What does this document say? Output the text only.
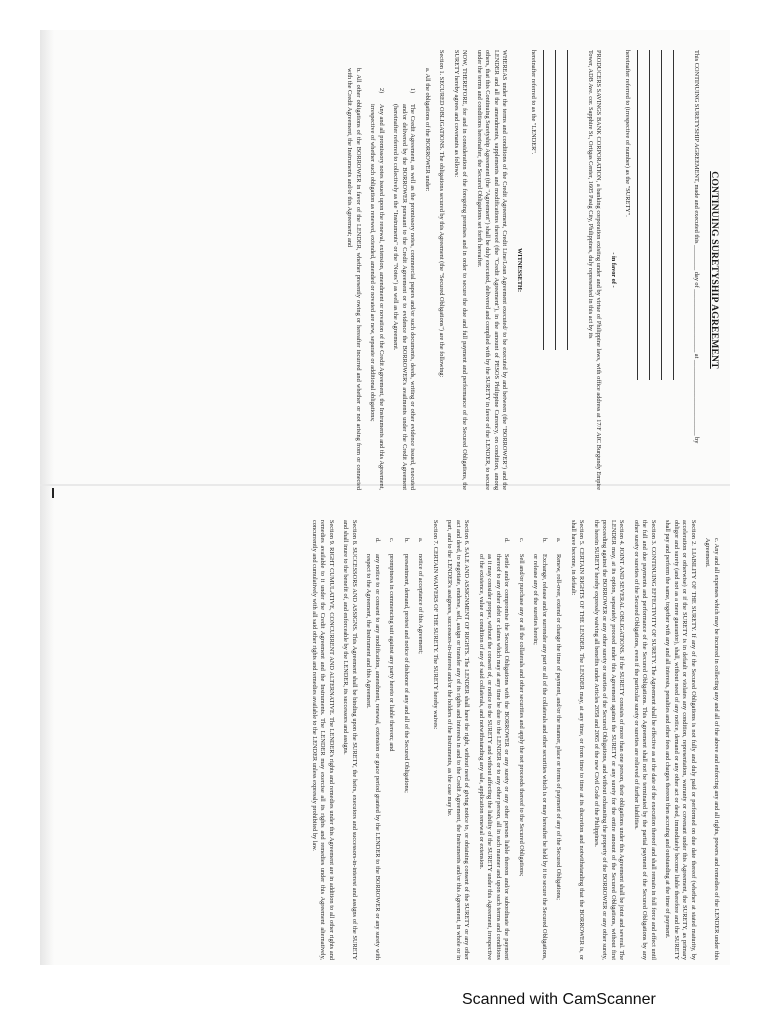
CONTINUING SURETYSHIP AGREEMENT

This CONTINUING SURETYSHIP AGREEMENT, made and executed this ________ day of ____________________ at ________________________ by

hereinafter referred to (irrespective of number) as the "SURETY".

- in favor of -

PRODUCERS SAVINGS BANK CORPORATION, a banking corporation existing under and by virtue of Philippine laws, with office address at 17/F AIC Burgundy Empire Tower, ADB Ave. cor. Sapphire St., Ortigas Center, 1605 Pasig City, Philippines, duly represented in this act by its

hereinafter referred to as the "LENDER".

WITNESSETH:

WHEREAS under the terms and conditions of the Credit Agreement, Credit Line/Loan Agreement executed/ to be executed by and between (the "BORROWER") and the LENDER and all the amendments, supplements and modifications thereof (the "Credit Agreement"), in the amount of PESOS Philippine Currency, on condition, among others, that this Continuing Suretyship Agreement (the "Agreement") shall be duly executed, delivered and complied with by the SURETY in favor of the LENDER, to secure under the terms and conditions hereinafter, the Secured Obligations set forth hereafter.

NOW, THEREFORE, for and in consideration of the foregoing premises and in order to secure the due and full payment and performance of the Secured Obligations, the SURETY hereby agrees and covenants as follows:

Section 1. SECURED OBLIGATIONS. The obligations secured by this Agreement (the "Secured Obligations") are the following:

a. All the obligations of the BORROWER under:

1)
The Credit Agreement, as well as the promissory notes, commercial papers and/or such documents, deeds, writing or other evidence issued, executed and/or delivered by the BORROWER pursuant to the Credit Agreement or to evidence the BORROWER's availments under the Credit Agreement (hereinafter referred to collectively as the "Instruments" or the "Notes") as well as the Agreement.
2)
Any and all promissory notes issued upon the renewal, extension, amendment or novation of the Credit Agreement, the Instruments and this Agreement, irrespective of whether such obligation as renewed, extended, amended or novated are new, separate or additional obligations;

b. All other obligations of the BORROWER in favor of the LENDER, whether presently owing or hereafter incurred and whether or not arising from or connected with the Credit Agreement, the Instruments and/or this Agreement; and

c. Any and all expenses which may be incurred in collecting any and all of the above and enforcing any and all rights, powers and remedies of the LENDER under this Agreement.

Section 2. LIABILITY OF THE SURETY. If any of the Secured Obligations is not fully and duly paid or performed on due date thereof (whether at stated maturity, by acceleration or otherwise) or if the SURETY is in default or violates any condition, representation, warranty or covenant under this Agreement, the SURETY, as primary obligor and surety (and not as a mere guarantor), shall, without need of any notice, demand or any other act or deed, immediately become liable therefore and the SURETY shall pay and perform the same, together with any and all interests, penalties and other fees and charges thereon then accruing and outstanding at the time of payment.

Section 3. CONTINUING EFFECTIVITY OF SURETY. The Agreement shall be effective as at the date of the execution thereof and shall remain in full force and effect until the full and due payments and performance of the Secured Obligations. This Agreement shall not be terminated by the partial payment of the Secured Obligations by any other surety or sureties of the Secured Obligations, even if the particular surety or sureties are relieved of further liabilities.

Section 4. JOINT AND SEVERAL OBLIGATIONS. If the SURETY consists of more than one person, their obligations under this Agreement shall be joint and several. The LENDER may, at its option, separately proceed under this Agreement against the SURETY or any surety for the entire amount of the Secured Obligations, without first proceeding against the BORROWER or any other surety or sureties of the Secured Obligations, and without exhausting the property of the BORROWER or any other surety, the herein SURETY hereby expressly waiving all benefits under Articles 2058 and 2065 of the new Civil Code of the Philippines.

Section 5. CERTAIN RIGHTS OF THE LENDER. The LENDER may, at any time, or from time to time at its discretion and notwithstanding that the BORROWER is, or shall have become, in default:

a.
Renew, roll-over, extend or change the time of payment, and/or the manner, place or terms of payment of any of the Secured Obligations;
b.
Exchange, release and/or surrender any part or all of the collaterals and other securities which is or may hereafter be held by it to secure the Secured Obligations, or release any of the sureties herein;
c.
Sell and/or purchase any or all the collaterals and other securities and apply the net proceeds thereof to the Secured Obligations;
d.
Settle and/or compromise the Secured Obligations with the BORROWER or any surety or any other person liable thereon and/or subordinate the payment thereof to any other debt or claims which may at any time be due to the LENDER or to any other person, all in such manner and upon such terms and conditions as it may consider proper, without the consent of, or notice to the SURETY and without affecting the liability of the SURETY under this Agreement, irrespective of the existence, value or condition of any of said collaterals, and notwithstanding any sale, application renewal or extension.

Section 6. SALE AND ASSIGNMENT OF RIGHTS. The LENDER shall have the right, without need of giving notice to, or obtaining consent of the SURETY or any other act and deed, to negotiate, endorse, sell, assign or transfer any of its rights and interests in and to the Credit Agreement, the Instruments and/or this Agreement, in whole or in part, and to the LENDER's assignees, successors-in-interest and/or the holders of the Instruments, as the case may be.

Section 7. CERTAIN WAIVERS OF THE SURETY. The SURETY hereby waives:

a.
notice of acceptance of this Agreement;
b.
presentment, demand, protest and notice of dishonor of any and all of the Secured Obligations;
c.
promptness in commencing suit against any party hereto or liable thereon; and
d.
any notice to or consent to any modification, amendment, renewal, extension or grace period granted by the LENDER to the BORROWER or any surety with respect to the Agreement, the Instrument and this Agreement.

Section 8. SUCCESSORS AND ASSIGNS. This Agreement shall be binding upon the SURETY, the heirs, executors and successors-in-interest and assigns of the SURETY and shall inure to the benefit of, and enforceable by the LENDER, its successors and assigns.

Section 9. RIGHT CUMULATIVE, CONCURRENT AND ALTERNATIVE. The LENDER's rights and remedies under this Agreement are in addition to all other rights and remedies available to it under the Credit Agreement and the Instruments. The LENDER may exercise all its rights and remedies under this Agreement alternatively, concurrently and cumulatively with all said other rights and remedies available to the LENDER unless expressly prohibited by law.

Scanned with CamScanner
